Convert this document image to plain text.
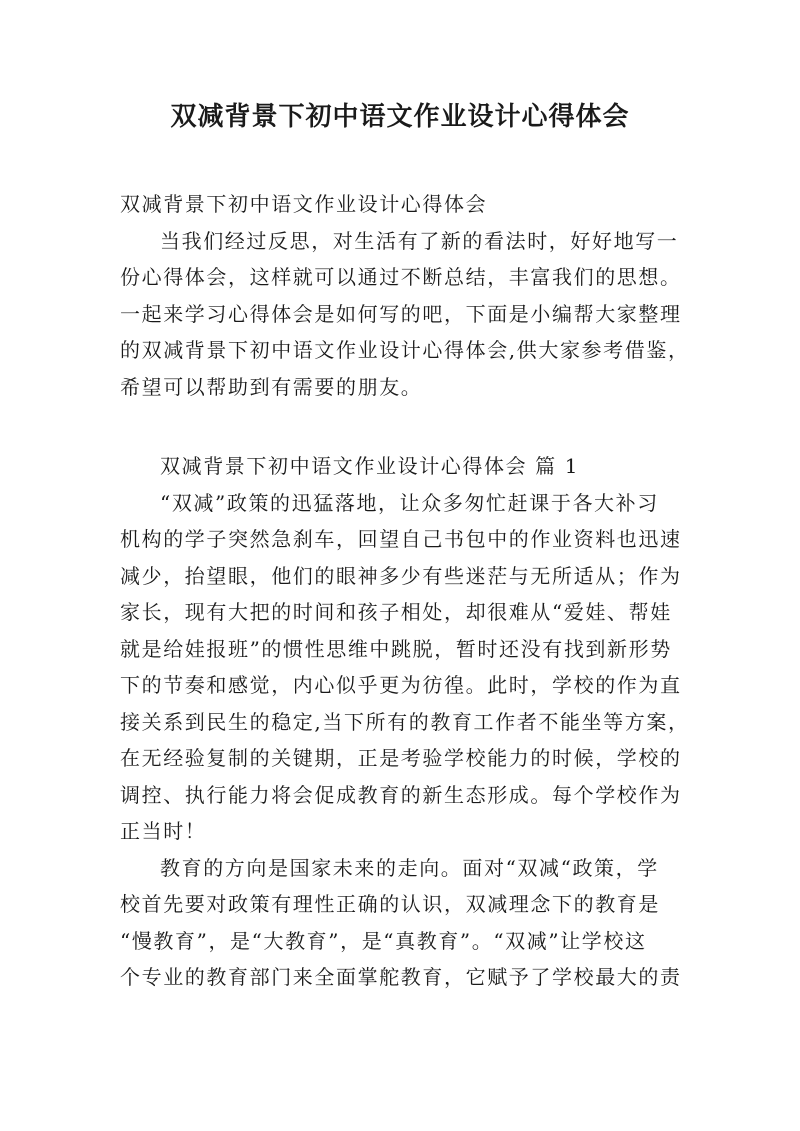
双减背景下初中语文作业设计心得体会

双减背景下初中语文作业设计心得体会

当我们经过反思，对生活有了新的看法时，好好地写一

份心得体会，这样就可以通过不断总结，丰富我们的思想。

一起来学习心得体会是如何写的吧，下面是小编帮大家整理

的双减背景下初中语文作业设计心得体会,供大家参考借鉴，

希望可以帮助到有需要的朋友。

双减背景下初中语文作业设计心得体会 篇 1

“双减”政策的迅猛落地，让众多匆忙赶课于各大补习

机构的学子突然急刹车，回望自己书包中的作业资料也迅速

减少，抬望眼，他们的眼神多少有些迷茫与无所适从；作为

家长，现有大把的时间和孩子相处，却很难从“爱娃、帮娃

就是给娃报班”的惯性思维中跳脱，暂时还没有找到新形势

下的节奏和感觉，内心似乎更为彷徨。此时，学校的作为直

接关系到民生的稳定,当下所有的教育工作者不能坐等方案，

在无经验复制的关键期，正是考验学校能力的时候，学校的

调控、执行能力将会促成教育的新生态形成。每个学校作为

正当时！

教育的方向是国家未来的走向。面对“双减“政策，学

校首先要对政策有理性正确的认识，双减理念下的教育是

“慢教育”，是“大教育”，是“真教育”。“双减”让学校这

个专业的教育部门来全面掌舵教育，它赋予了学校最大的责
